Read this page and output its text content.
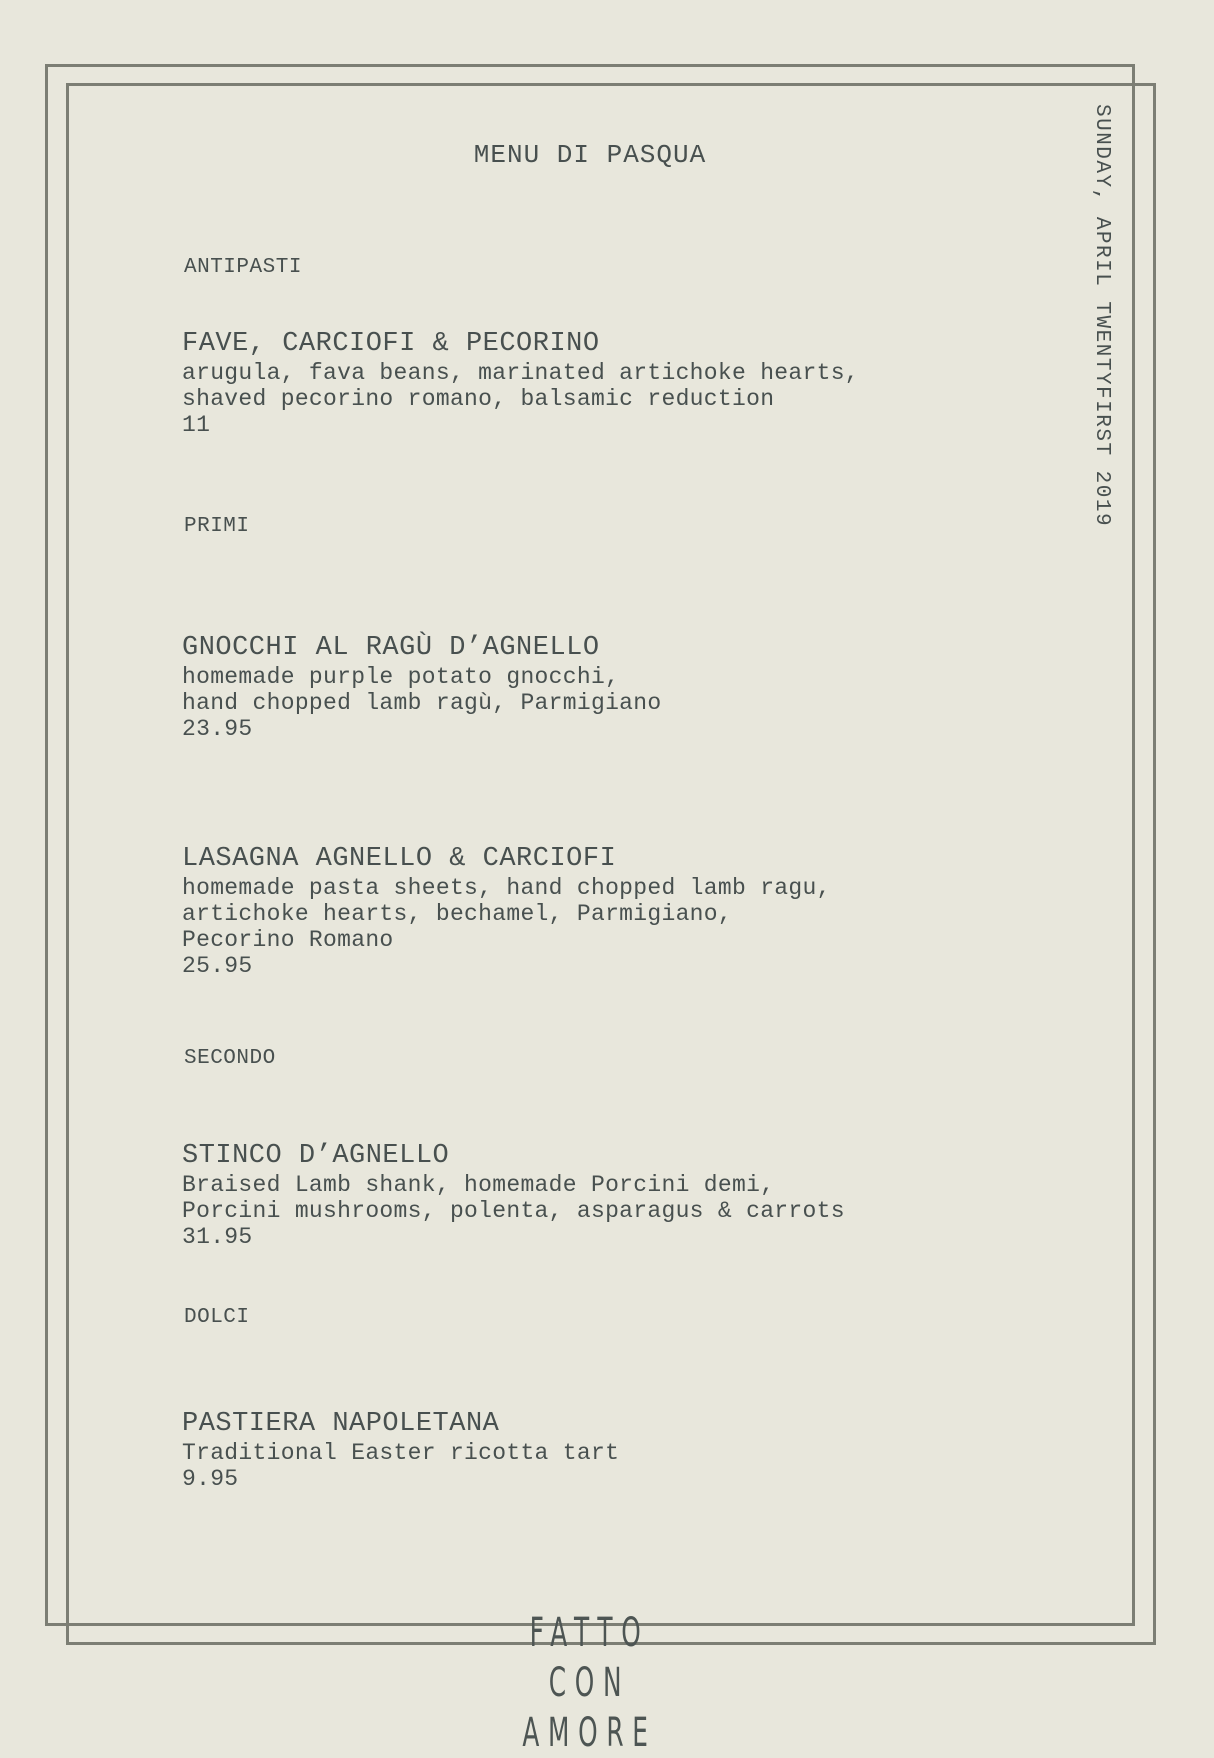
MENU DI PASQUA	SUNDAY, APRIL TWENTYFIRST 2019
ANTIPASTI
FAVE, CARCIOFI & PECORINO
arugula, fava beans, marinated artichoke hearts,
shaved pecorino romano, balsamic reduction
11
PRIMI
GNOCCHI AL RAGÙ D’AGNELLO
homemade purple potato gnocchi,
hand chopped lamb ragù, Parmigiano
23.95
LASAGNA AGNELLO & CARCIOFI
homemade pasta sheets, hand chopped lamb ragu,
artichoke hearts, bechamel, Parmigiano,
Pecorino Romano
25.95
SECONDO
STINCO D’AGNELLO
Braised Lamb shank, homemade Porcini demi,
Porcini mushrooms, polenta, asparagus & carrots
31.95
DOLCI
PASTIERA NAPOLETANA
Traditional Easter ricotta tart
9.95
FATTO CON AMORE
